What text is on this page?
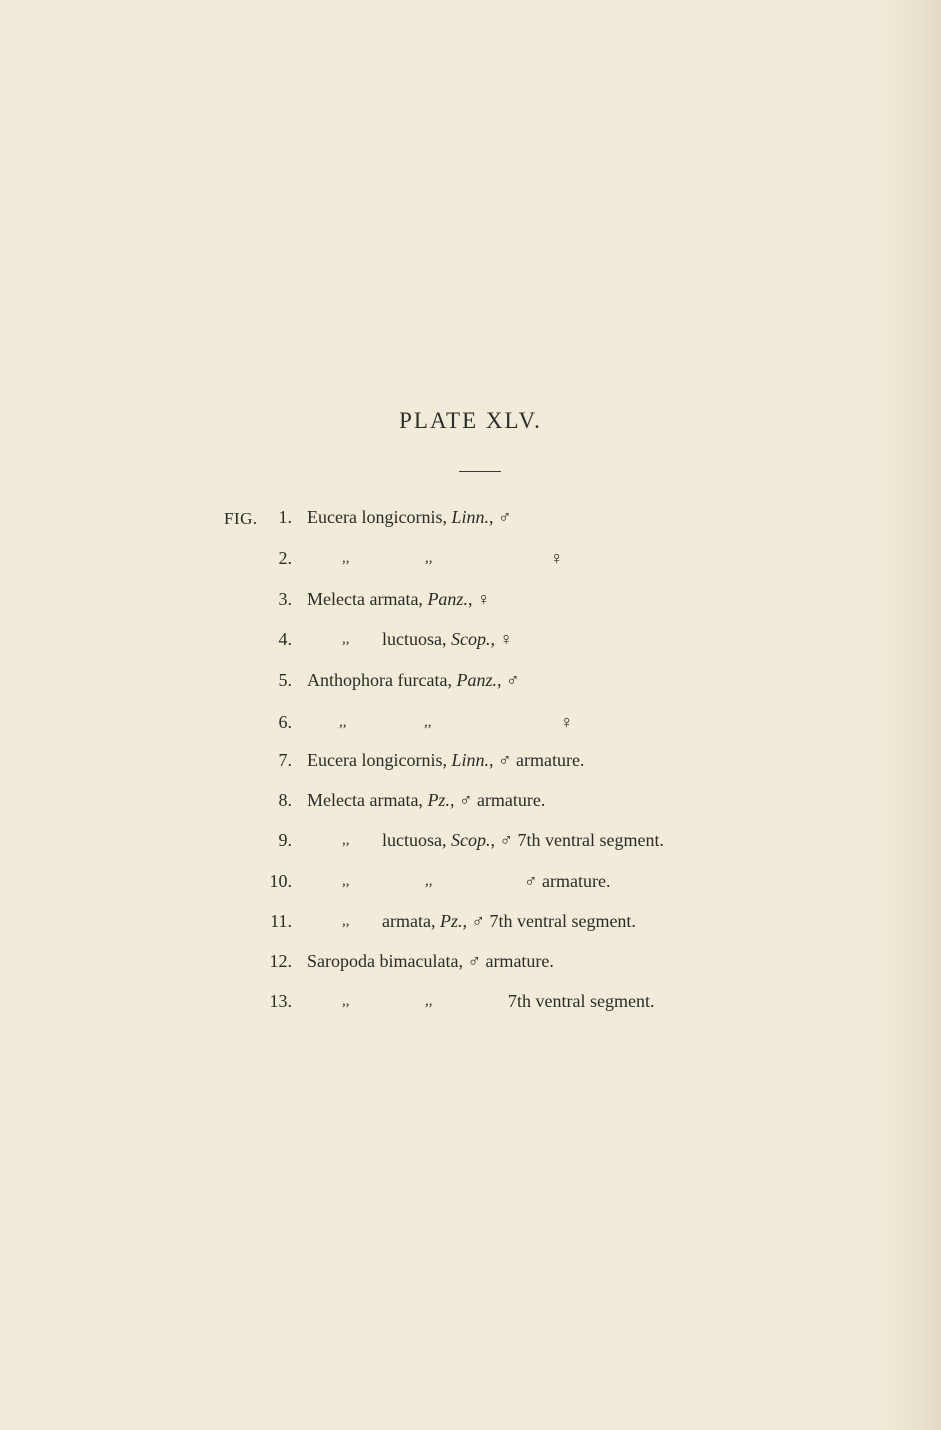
PLATE XLV.
FIG.	1. Eucera longicornis, Linn., ♂
2.	,,	,,	♀
3. Melecta armata, Panz., ♀
4.	,, luctuosa, Scop., ♀
5. Anthophora furcata, Panz., ♂
6.	,,	,,	♀
7. Eucera longicornis, Linn., ♂ armature.
8. Melecta armata, Pz., ♂ armature.
9.	,, luctuosa, Scop., ♂ 7th ventral segment.
10.	,,	,,	♂ armature.
11.	,, armata, Pz., ♂ 7th ventral segment.
12. Saropoda bimaculata, ♂ armature.
13.	,,	,,	7th ventral segment.
